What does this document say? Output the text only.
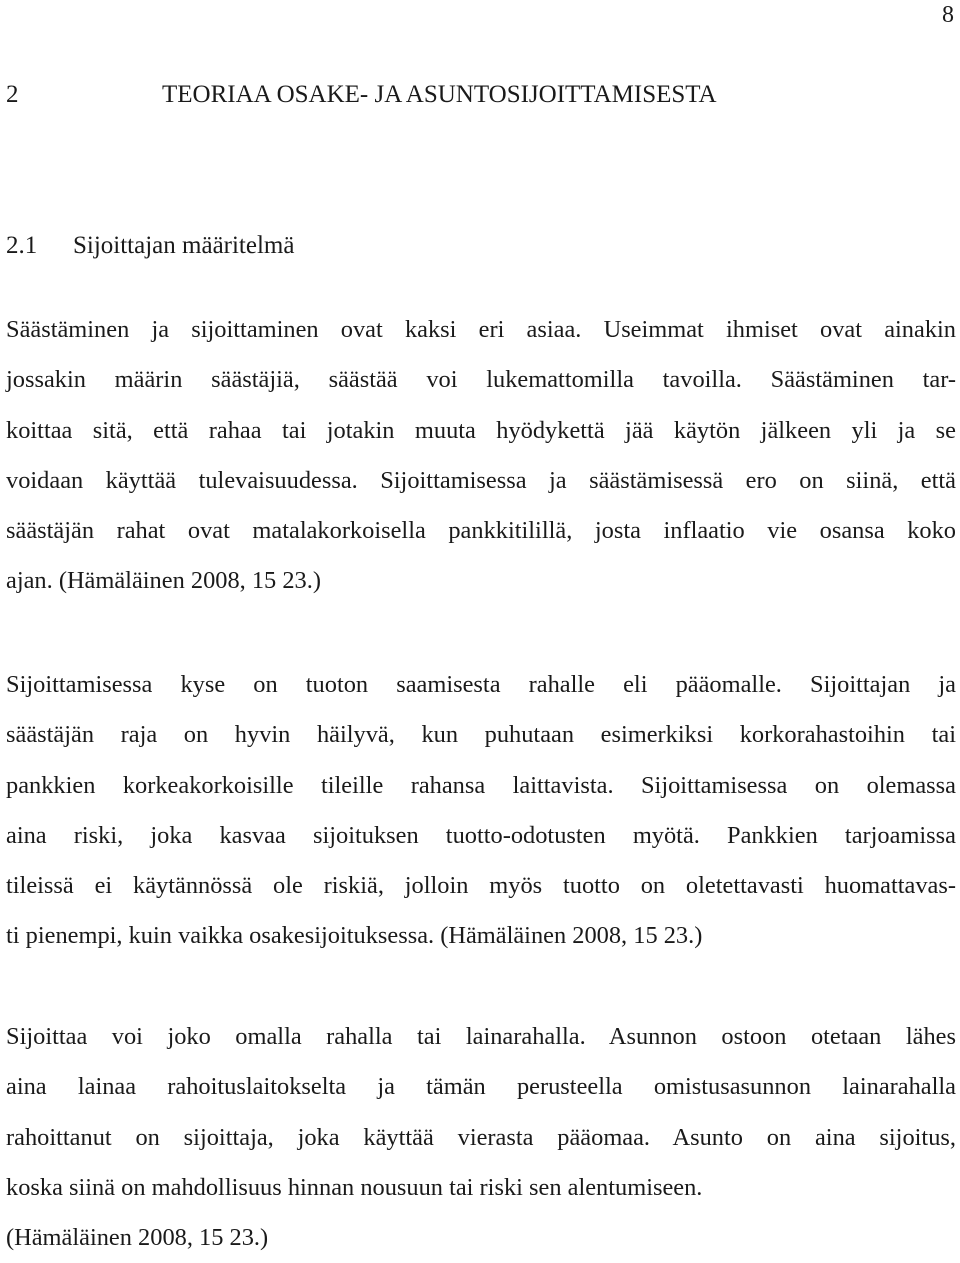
8
2	TEORIAA OSAKE- JA ASUNTOSIJOITTAMISESTA
2.1 Sijoittajan määritelmä
Säästäminen ja sijoittaminen ovat kaksi eri asiaa. Useimmat ihmiset ovat ainakin
jossakin määrin säästäjiä, säästää voi lukemattomilla tavoilla. Säästäminen tar-
koittaa sitä, että rahaa tai jotakin muuta hyödykettä jää käytön jälkeen yli ja se
voidaan käyttää tulevaisuudessa. Sijoittamisessa ja säästämisessä ero on siinä, että
säästäjän rahat ovat matalakorkoisella pankkitilillä, josta inflaatio vie osansa koko
ajan. (Hämäläinen 2008, 15 23.)
Sijoittamisessa kyse on tuoton saamisesta rahalle eli pääomalle. Sijoittajan ja
säästäjän raja on hyvin häilyvä, kun puhutaan esimerkiksi korkorahastoihin tai
pankkien korkeakorkoisille tileille rahansa laittavista. Sijoittamisessa on olemassa
aina riski, joka kasvaa sijoituksen tuotto-odotusten myötä. Pankkien tarjoamissa
tileissä ei käytännössä ole riskiä, jolloin myös tuotto on oletettavasti huomattavas-
ti pienempi, kuin vaikka osakesijoituksessa. (Hämäläinen 2008, 15 23.)
Sijoittaa voi joko omalla rahalla tai lainarahalla. Asunnon ostoon otetaan lähes
aina lainaa rahoituslaitokselta ja tämän perusteella omistusasunnon lainarahalla
rahoittanut on sijoittaja, joka käyttää vierasta pääomaa. Asunto on aina sijoitus,
koska siinä on mahdollisuus hinnan nousuun tai riski sen alentumiseen.
(Hämäläinen 2008, 15 23.)
